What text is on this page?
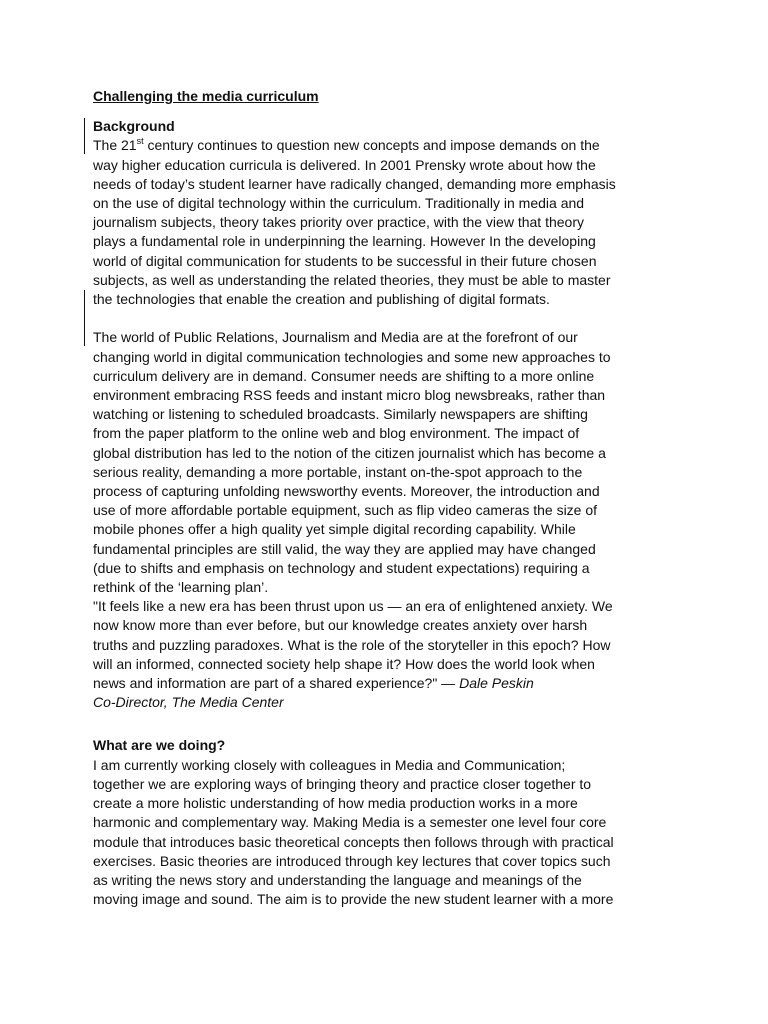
Challenging the media curriculum
Background
The 21st century continues to question new concepts and impose demands on the
way higher education curricula is delivered. In 2001 Prensky wrote about how the
needs of today’s student learner have radically changed, demanding more emphasis
on the use of digital technology within the curriculum. Traditionally in media and
journalism subjects, theory takes priority over practice, with the view that theory
plays a fundamental role in underpinning the learning. However In the developing
world of digital communication for students to be successful in their future chosen
subjects, as well as understanding the related theories, they must be able to master
the technologies that enable the creation and publishing of digital formats.
The world of Public Relations, Journalism and Media are at the forefront of our
changing world in digital communication technologies and some new approaches to
curriculum delivery are in demand. Consumer needs are shifting to a more online
environment embracing RSS feeds and instant micro blog newsbreaks, rather than
watching or listening to scheduled broadcasts. Similarly newspapers are shifting
from the paper platform to the online web and blog environment. The impact of
global distribution has led to the notion of the citizen journalist which has become a
serious reality, demanding a more portable, instant on-the-spot approach to the
process of capturing unfolding newsworthy events. Moreover, the introduction and
use of more affordable portable equipment, such as flip video cameras the size of
mobile phones offer a high quality yet simple digital recording capability. While
fundamental principles are still valid, the way they are applied may have changed
(due to shifts and emphasis on technology and student expectations) requiring a
rethink of the ‘learning plan’.
"It feels like a new era has been thrust upon us — an era of enlightened anxiety. We
now know more than ever before, but our knowledge creates anxiety over harsh
truths and puzzling paradoxes. What is the role of the storyteller in this epoch? How
will an informed, connected society help shape it? How does the world look when
news and information are part of a shared experience?" — Dale Peskin
Co-Director, The Media Center
What are we doing?
I am currently working closely with colleagues in Media and Communication;
together we are exploring ways of bringing theory and practice closer together to
create a more holistic understanding of how media production works in a more
harmonic and complementary way. Making Media is a semester one level four core
module that introduces basic theoretical concepts then follows through with practical
exercises. Basic theories are introduced through key lectures that cover topics such
as writing the news story and understanding the language and meanings of the
moving image and sound. The aim is to provide the new student learner with a more
